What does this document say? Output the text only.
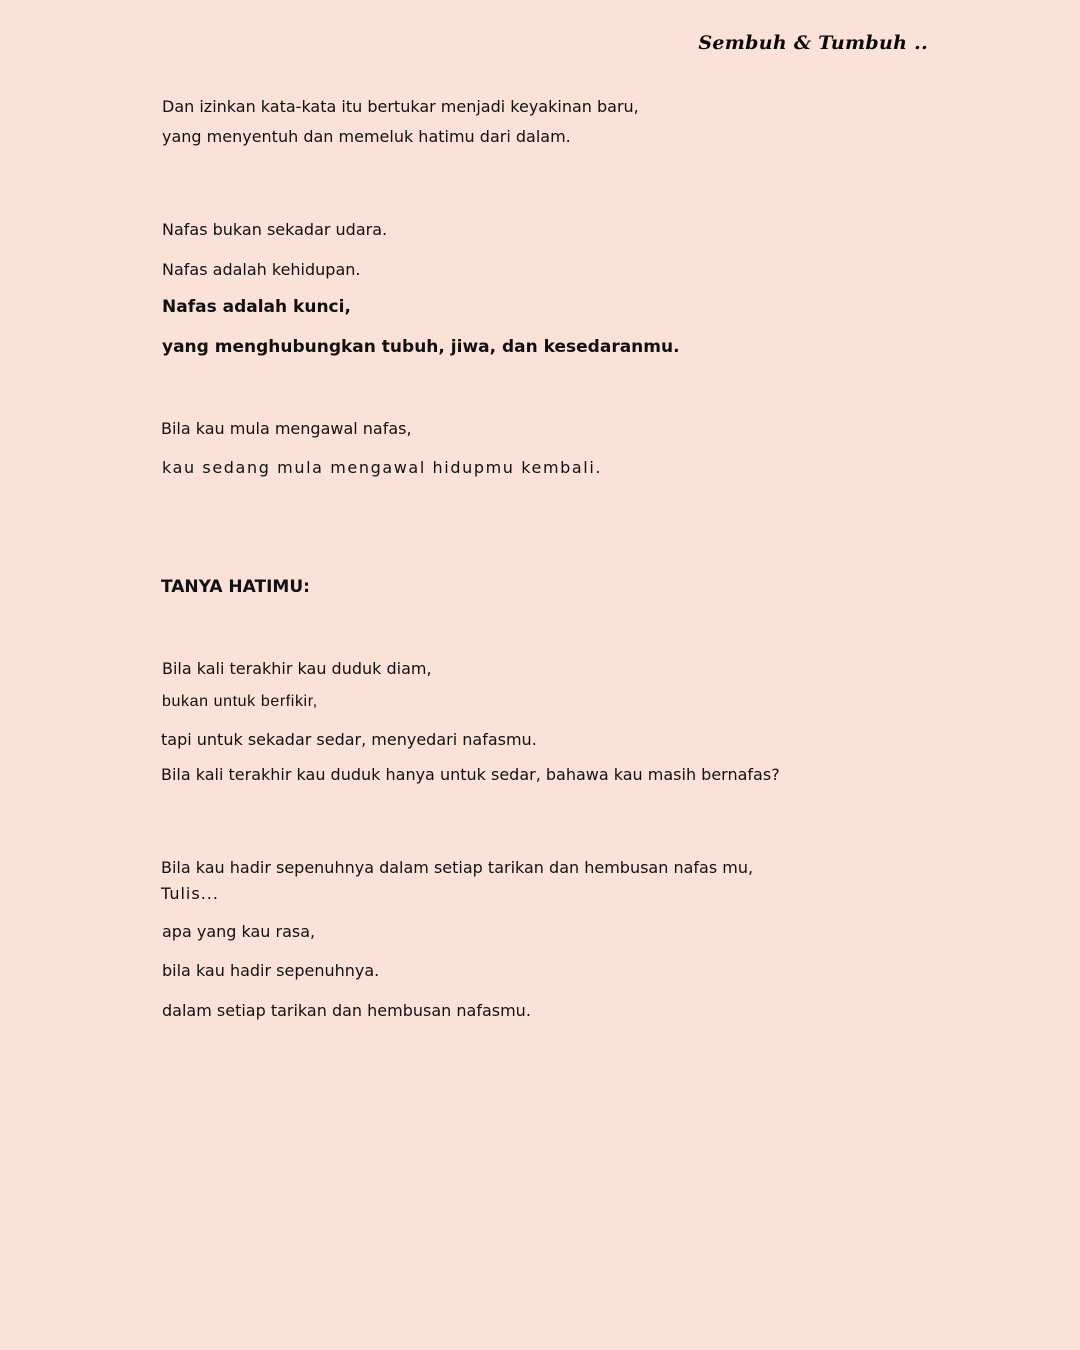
Sembuh & Tumbuh ..
Dan izinkan kata-kata itu bertukar menjadi keyakinan baru,
yang menyentuh dan memeluk hatimu dari dalam.
Nafas bukan sekadar udara.
Nafas adalah kehidupan.
Nafas adalah kunci,
yang menghubungkan tubuh, jiwa, dan kesedaranmu.
Bila kau mula mengawal nafas,
kau sedang mula mengawal hidupmu kembali.
TANYA HATIMU:
Bila kali terakhir kau duduk diam,
bukan untuk berfikir,
tapi untuk sekadar sedar, menyedari nafasmu.
Bila kali terakhir kau duduk hanya untuk sedar, bahawa kau masih bernafas?
Bila kau hadir sepenuhnya dalam setiap tarikan dan hembusan nafas mu,
Tulis...
apa yang kau rasa,
bila kau hadir sepenuhnya.
dalam setiap tarikan dan hembusan nafasmu.
